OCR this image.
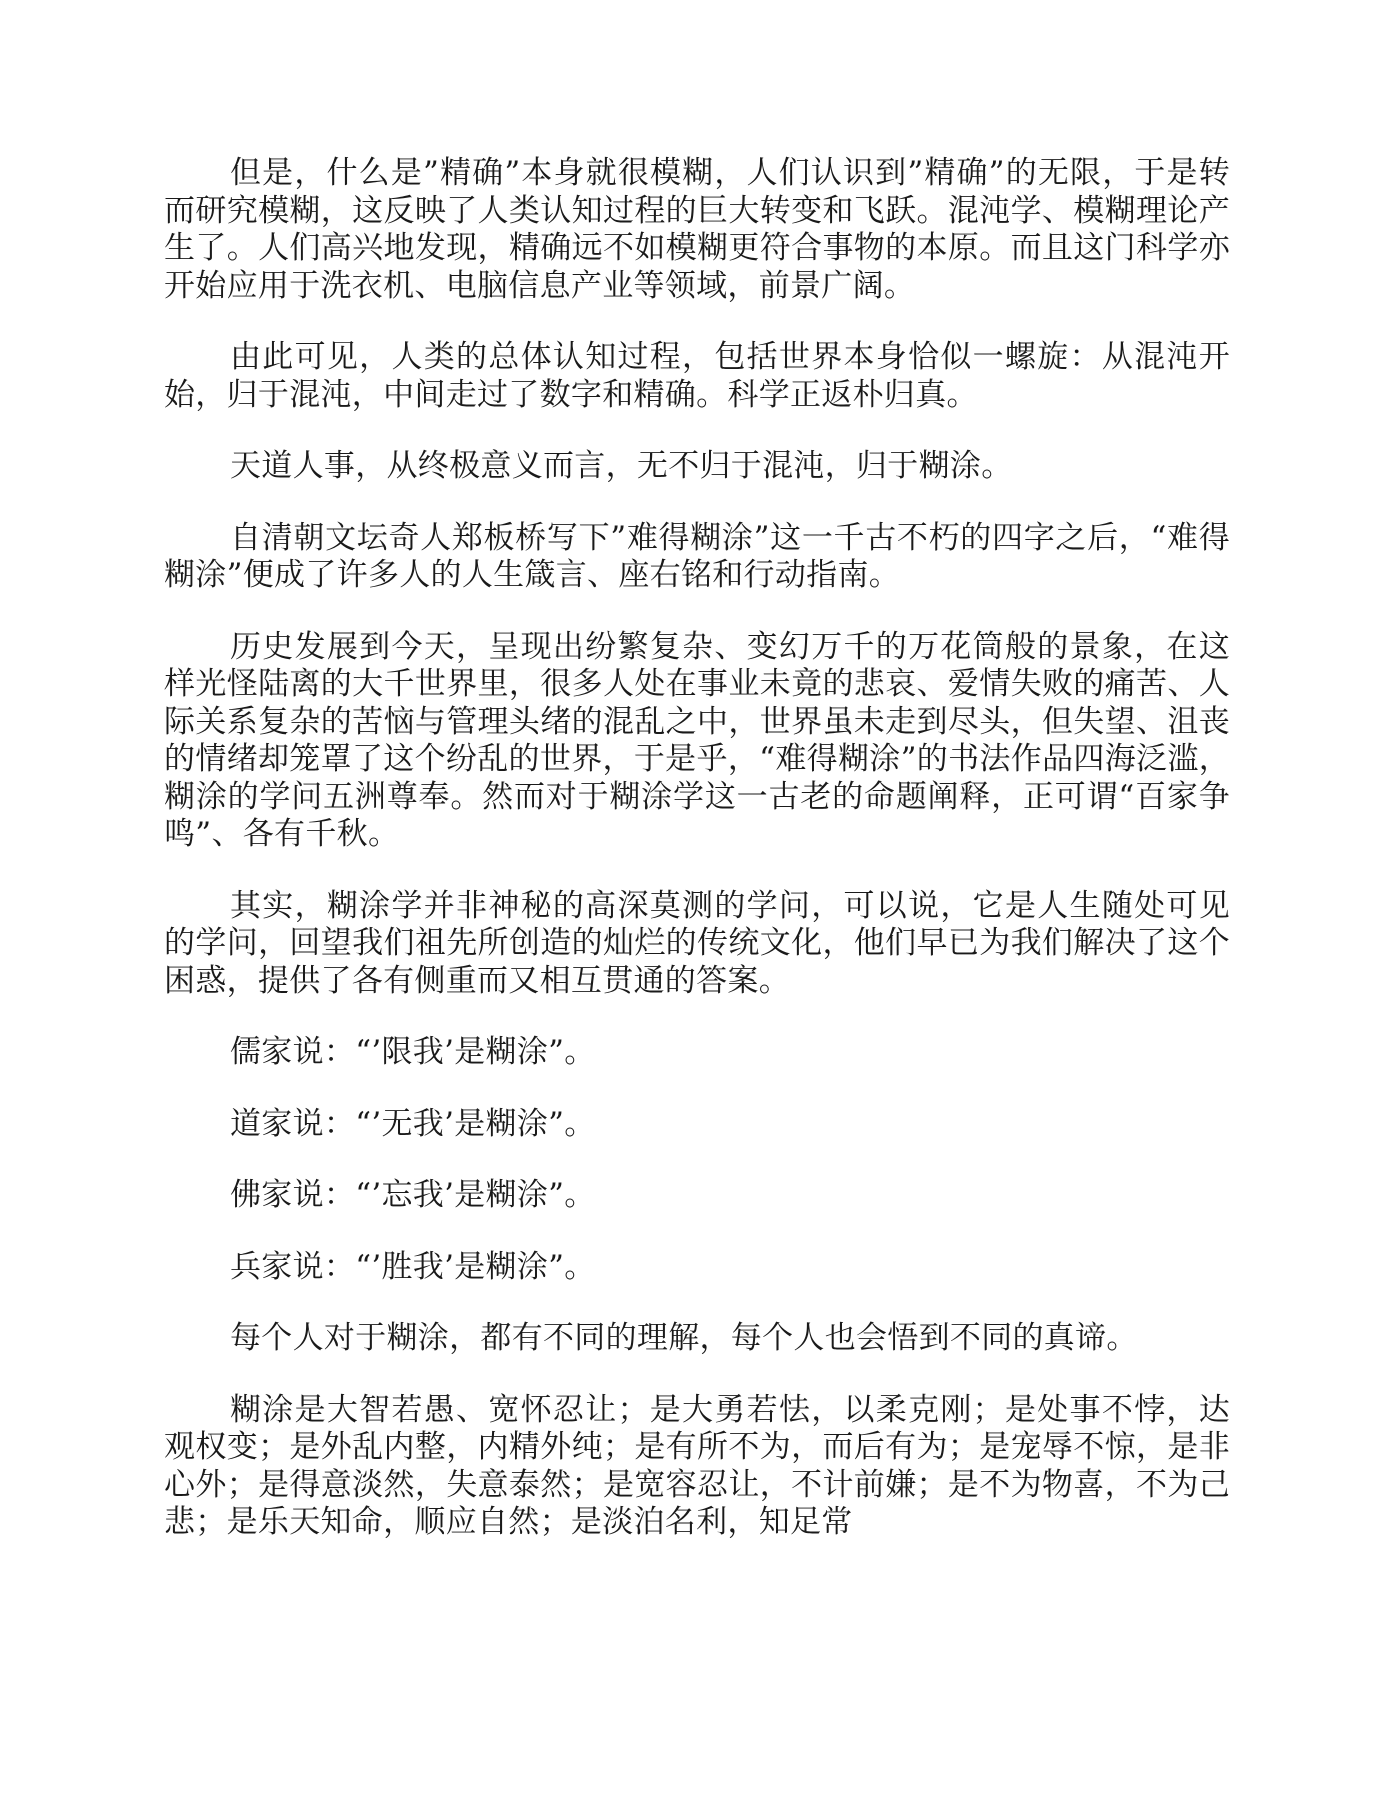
但是，什么是”精确”本身就很模糊，人们认识到”精确”的无限，于是转而研究模糊，这反映了人类认知过程的巨大转变和飞跃。混沌学、模糊理论产生了。人们高兴地发现，精确远不如模糊更符合事物的本原。而且这门科学亦开始应用于洗衣机、电脑信息产业等领域，前景广阔。

由此可见，人类的总体认知过程，包括世界本身恰似一螺旋：从混沌开始，归于混沌，中间走过了数字和精确。科学正返朴归真。

天道人事，从终极意义而言，无不归于混沌，归于糊涂。

自清朝文坛奇人郑板桥写下”难得糊涂”这一千古不朽的四字之后，“难得糊涂”便成了许多人的人生箴言、座右铭和行动指南。

历史发展到今天，呈现出纷繁复杂、变幻万千的万花筒般的景象，在这样光怪陆离的大千世界里，很多人处在事业未竟的悲哀、爱情失败的痛苦、人际关系复杂的苦恼与管理头绪的混乱之中，世界虽未走到尽头，但失望、沮丧的情绪却笼罩了这个纷乱的世界，于是乎，“难得糊涂”的书法作品四海泛滥，糊涂的学问五洲尊奉。然而对于糊涂学这一古老的命题阐释，正可谓“百家争鸣”、各有千秋。

其实，糊涂学并非神秘的高深莫测的学问，可以说，它是人生随处可见的学问，回望我们祖先所创造的灿烂的传统文化，他们早已为我们解决了这个困惑，提供了各有侧重而又相互贯通的答案。

儒家说：“’限我’是糊涂”。

道家说：“’无我’是糊涂”。

佛家说：“’忘我’是糊涂”。

兵家说：“’胜我’是糊涂”。

每个人对于糊涂，都有不同的理解，每个人也会悟到不同的真谛。

糊涂是大智若愚、宽怀忍让；是大勇若怯，以柔克刚；是处事不悖，达观权变；是外乱内整，内精外纯；是有所不为，而后有为；是宠辱不惊，是非心外；是得意淡然，失意泰然；是宽容忍让，不计前嫌；是不为物喜，不为己悲；是乐天知命，顺应自然；是淡泊名利，知足常
